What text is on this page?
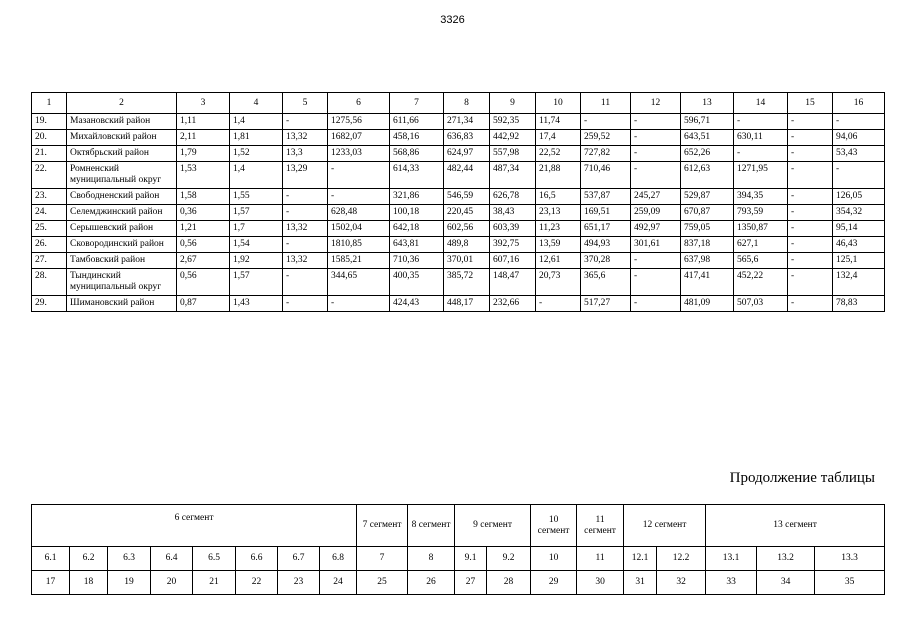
3326
1	2	3	4	5	6	7	8	9	10	11	12	13	14	15	16
19.	Мазановский район	1,11	1,4	-	1275,56	611,66	271,34	592,35	11,74	-	-	596,71	-	-	-
20.	Михайловский район	2,11	1,81	13,32	1682,07	458,16	636,83	442,92	17,4	259,52	-	643,51	630,11	-	94,06
21.	Октябрьский район	1,79	1,52	13,3	1233,03	568,86	624,97	557,98	22,52	727,82	-	652,26	-	-	53,43
22.	Ромненский муниципальный округ	1,53	1,4	13,29	-	614,33	482,44	487,34	21,88	710,46	-	612,63	1271,95	-	-
23.	Свободненский район	1,58	1,55	-	-	321,86	546,59	626,78	16,5	537,87	245,27	529,87	394,35	-	126,05
24.	Селемджинский район	0,36	1,57	-	628,48	100,18	220,45	38,43	23,13	169,51	259,09	670,87	793,59	-	354,32
25.	Серышевский район	1,21	1,7	13,32	1502,04	642,18	602,56	603,39	11,23	651,17	492,97	759,05	1350,87	-	95,14
26.	Сковородинский район	0,56	1,54	-	1810,85	643,81	489,8	392,75	13,59	494,93	301,61	837,18	627,1	-	46,43
27.	Тамбовский район	2,67	1,92	13,32	1585,21	710,36	370,01	607,16	12,61	370,28	-	637,98	565,6	-	125,1
28.	Тындинский муниципальный округ	0,56	1,57	-	344,65	400,35	385,72	148,47	20,73	365,6	-	417,41	452,22	-	132,4
29.	Шимановский район	0,87	1,43	-	-	424,43	448,17	232,66	-	517,27	-	481,09	507,03	-	78,83
Продолжение таблицы
6 сегмент								7 сегмент	8 сегмент	9 сегмент		10 сегмент	11 сегмент	12 сегмент		13 сегмент		
6.1	6.2	6.3	6.4	6.5	6.6	6.7	6.8	7	8	9.1	9.2	10	11	12.1	12.2	13.1	13.2	13.3
17	18	19	20	21	22	23	24	25	26	27	28	29	30	31	32	33	34	35
